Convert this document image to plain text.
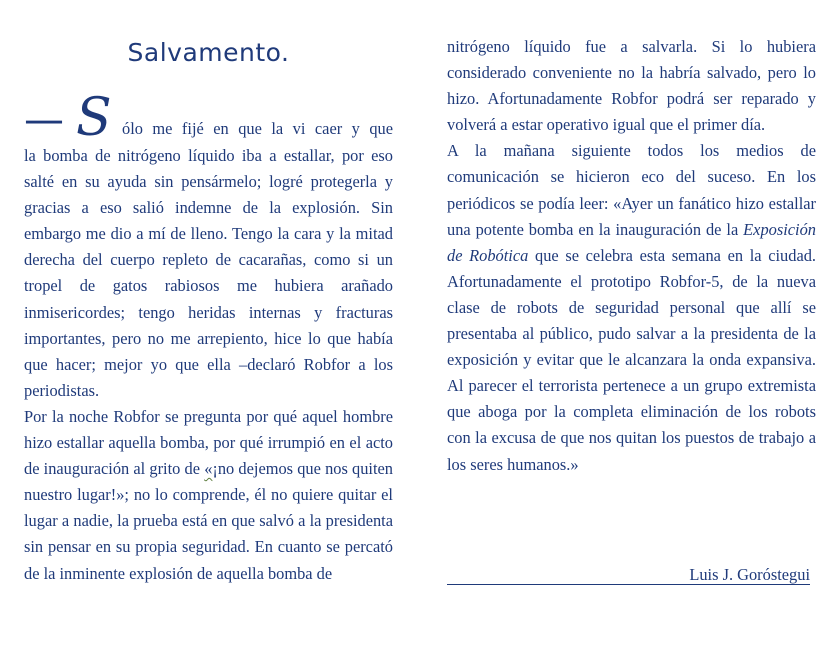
Salvamento.
— S ólo me fijé en que la vi caer y que
la bomba de nitrógeno líquido iba a estallar, por eso salté en su ayuda sin pensármelo; logré protegerla y gracias a eso salió indemne de la explosión. Sin embargo me dio a mí de lleno. Tengo la cara y la mitad derecha del cuerpo repleto de cacarañas, como si un tropel de gatos rabiosos me hubiera arañado inmisericordes; tengo heridas internas y fracturas importantes, pero no me arrepiento, hice lo que había que hacer; mejor yo que ella –declaró Robfor a los periodistas.

Por la noche Robfor se pregunta por qué aquel hombre hizo estallar aquella bomba, por qué irrumpió en el acto de inauguración al grito de «¡no dejemos que nos quiten nuestro lugar!»; no lo comprende, él no quiere quitar el lugar a nadie, la prueba está en que salvó a la presidenta sin pensar en su propia seguridad. En cuanto se percató de la inminente explosión de aquella bomba de

nitrógeno líquido fue a salvarla. Si lo hubiera considerado conveniente no la habría salvado, pero lo hizo. Afortunadamente Robfor podrá ser reparado y volverá a estar operativo igual que el primer día.

A la mañana siguiente todos los medios de comunicación se hicieron eco del suceso. En los periódicos se podía leer: «Ayer un fanático hizo estallar una potente bomba en la inauguración de la Exposición de Robótica que se celebra esta semana en la ciudad. Afortunadamente el prototipo Robfor-5, de la nueva clase de robots de seguridad personal que allí se presentaba al público, pudo salvar a la presidenta de la exposición y evitar que le alcanzara la onda expansiva. Al parecer el terrorista pertenece a un grupo extremista que aboga por la completa eliminación de los robots con la excusa de que nos quitan los puestos de trabajo a los seres humanos.»

Luis J. Goróstegui
